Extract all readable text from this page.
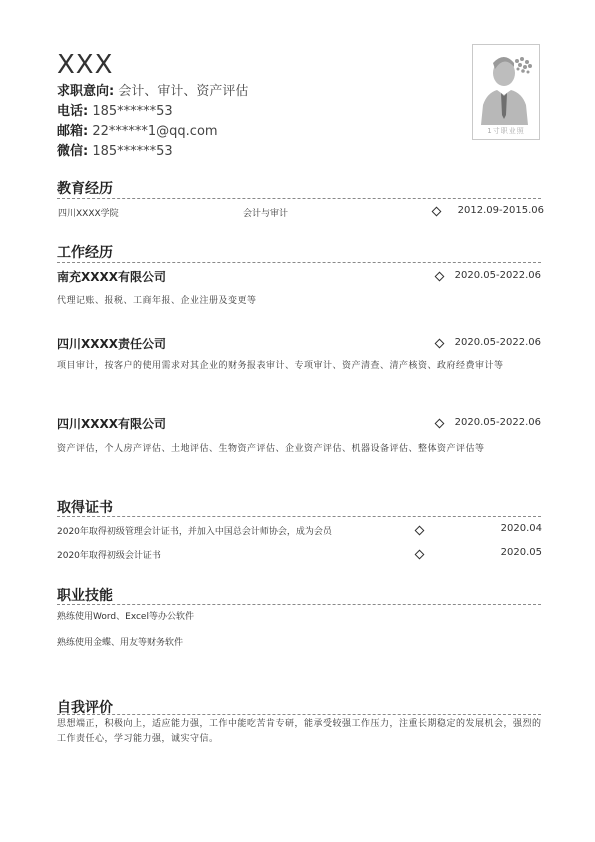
XXX
求职意向: 会计、审计、资产评估
电话: 185******53
邮箱: 22******1@qq.com
微信: 185******53
1寸职业照
教育经历
四川XXXX学院	会计与审计	2012.09-2015.06
工作经历
南充XXXX有限公司	2020.05-2022.06
代理记账、报税、工商年报、企业注册及变更等
四川XXXX责任公司	2020.05-2022.06
项目审计，按客户的使用需求对其企业的财务报表审计、专项审计、资产清查、清产核资、政府经费审计等
四川XXXX有限公司	2020.05-2022.06
资产评估，个人房产评估、土地评估、生物资产评估、企业资产评估、机器设备评估、整体资产评估等
取得证书
2020年取得初级管理会计证书，并加入中国总会计师协会，成为会员	2020.04
2020年取得初级会计证书	2020.05
职业技能
熟练使用Word、Excel等办公软件
熟练使用金蝶、用友等财务软件
自我评价
思想端正，积极向上，适应能力强，工作中能吃苦肯专研，能承受较强工作压力，注重长期稳定的发展机会，强烈的工作责任心，学习能力强，诚实守信。
